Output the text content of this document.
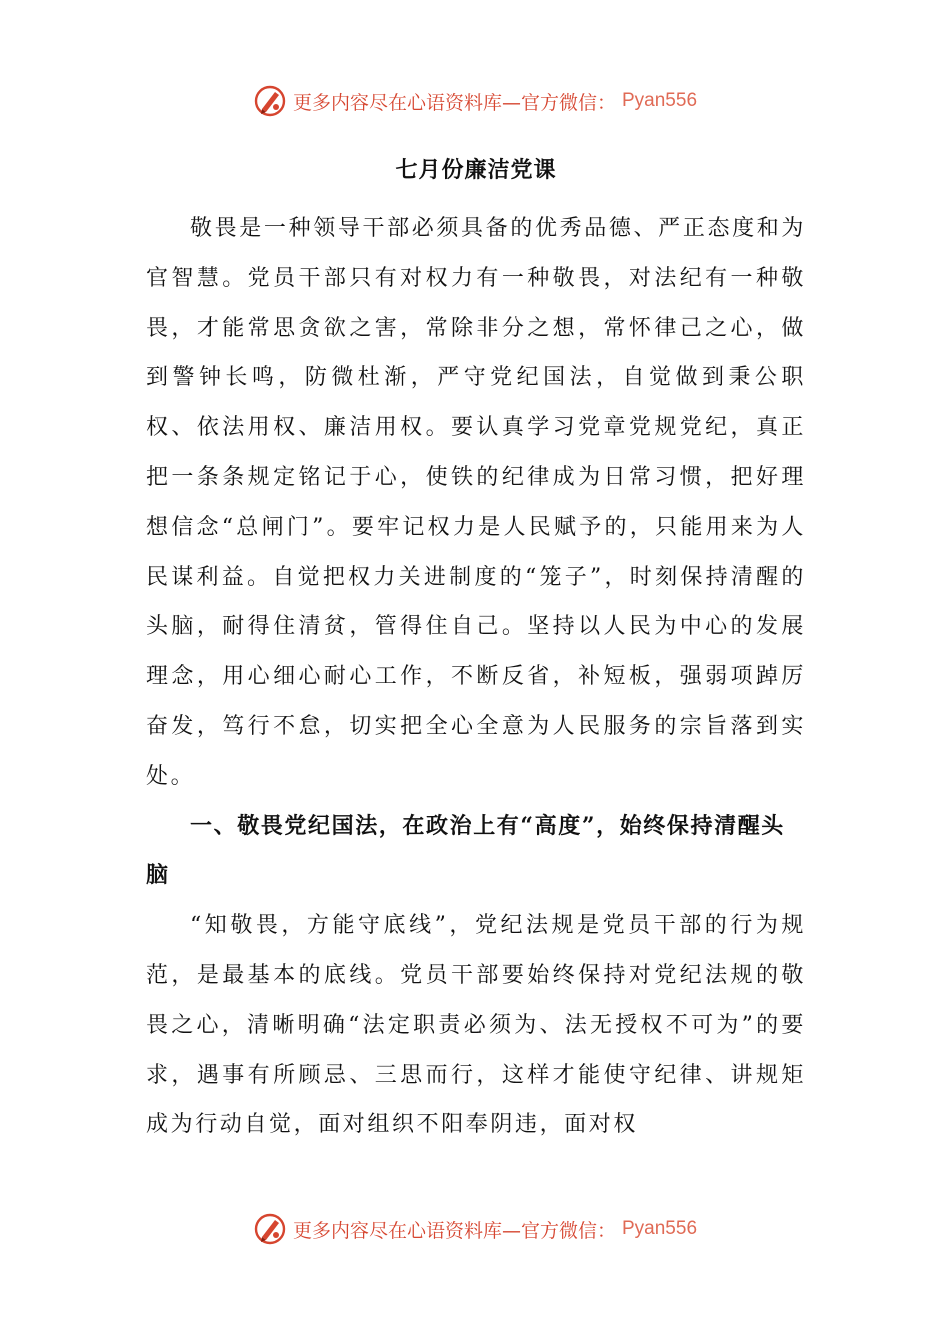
更多内容尽在心语资料库—官方微信： Pyan556
七月份廉洁党课

敬畏是一种领导干部必须具备的优秀品德、严正态度和为官智慧。党员干部只有对权力有一种敬畏，对法纪有一种敬畏，才能常思贪欲之害，常除非分之想，常怀律己之心，做到警钟长鸣，防微杜渐，严守党纪国法，自觉做到秉公职权、依法用权、廉洁用权。要认真学习党章党规党纪，真正把一条条规定铭记于心，使铁的纪律成为日常习惯，把好理想信念“总闸门”。要牢记权力是人民赋予的，只能用来为人民谋利益。自觉把权力关进制度的“笼子”，时刻保持清醒的头脑，耐得住清贫，管得住自己。坚持以人民为中心的发展理念，用心细心耐心工作，不断反省，补短板，强弱项踔厉奋发，笃行不怠，切实把全心全意为人民服务的宗旨落到实处。

一、敬畏党纪国法，在政治上有“高度”，始终保持清醒头脑

“知敬畏，方能守底线”，党纪法规是党员干部的行为规范，是最基本的底线。党员干部要始终保持对党纪法规的敬畏之心，清晰明确“法定职责必须为、法无授权不可为”的要求，遇事有所顾忌、三思而行，这样才能使守纪律、讲规矩成为行动自觉，面对组织不阳奉阴违，面对权

更多内容尽在心语资料库—官方微信： Pyan556
